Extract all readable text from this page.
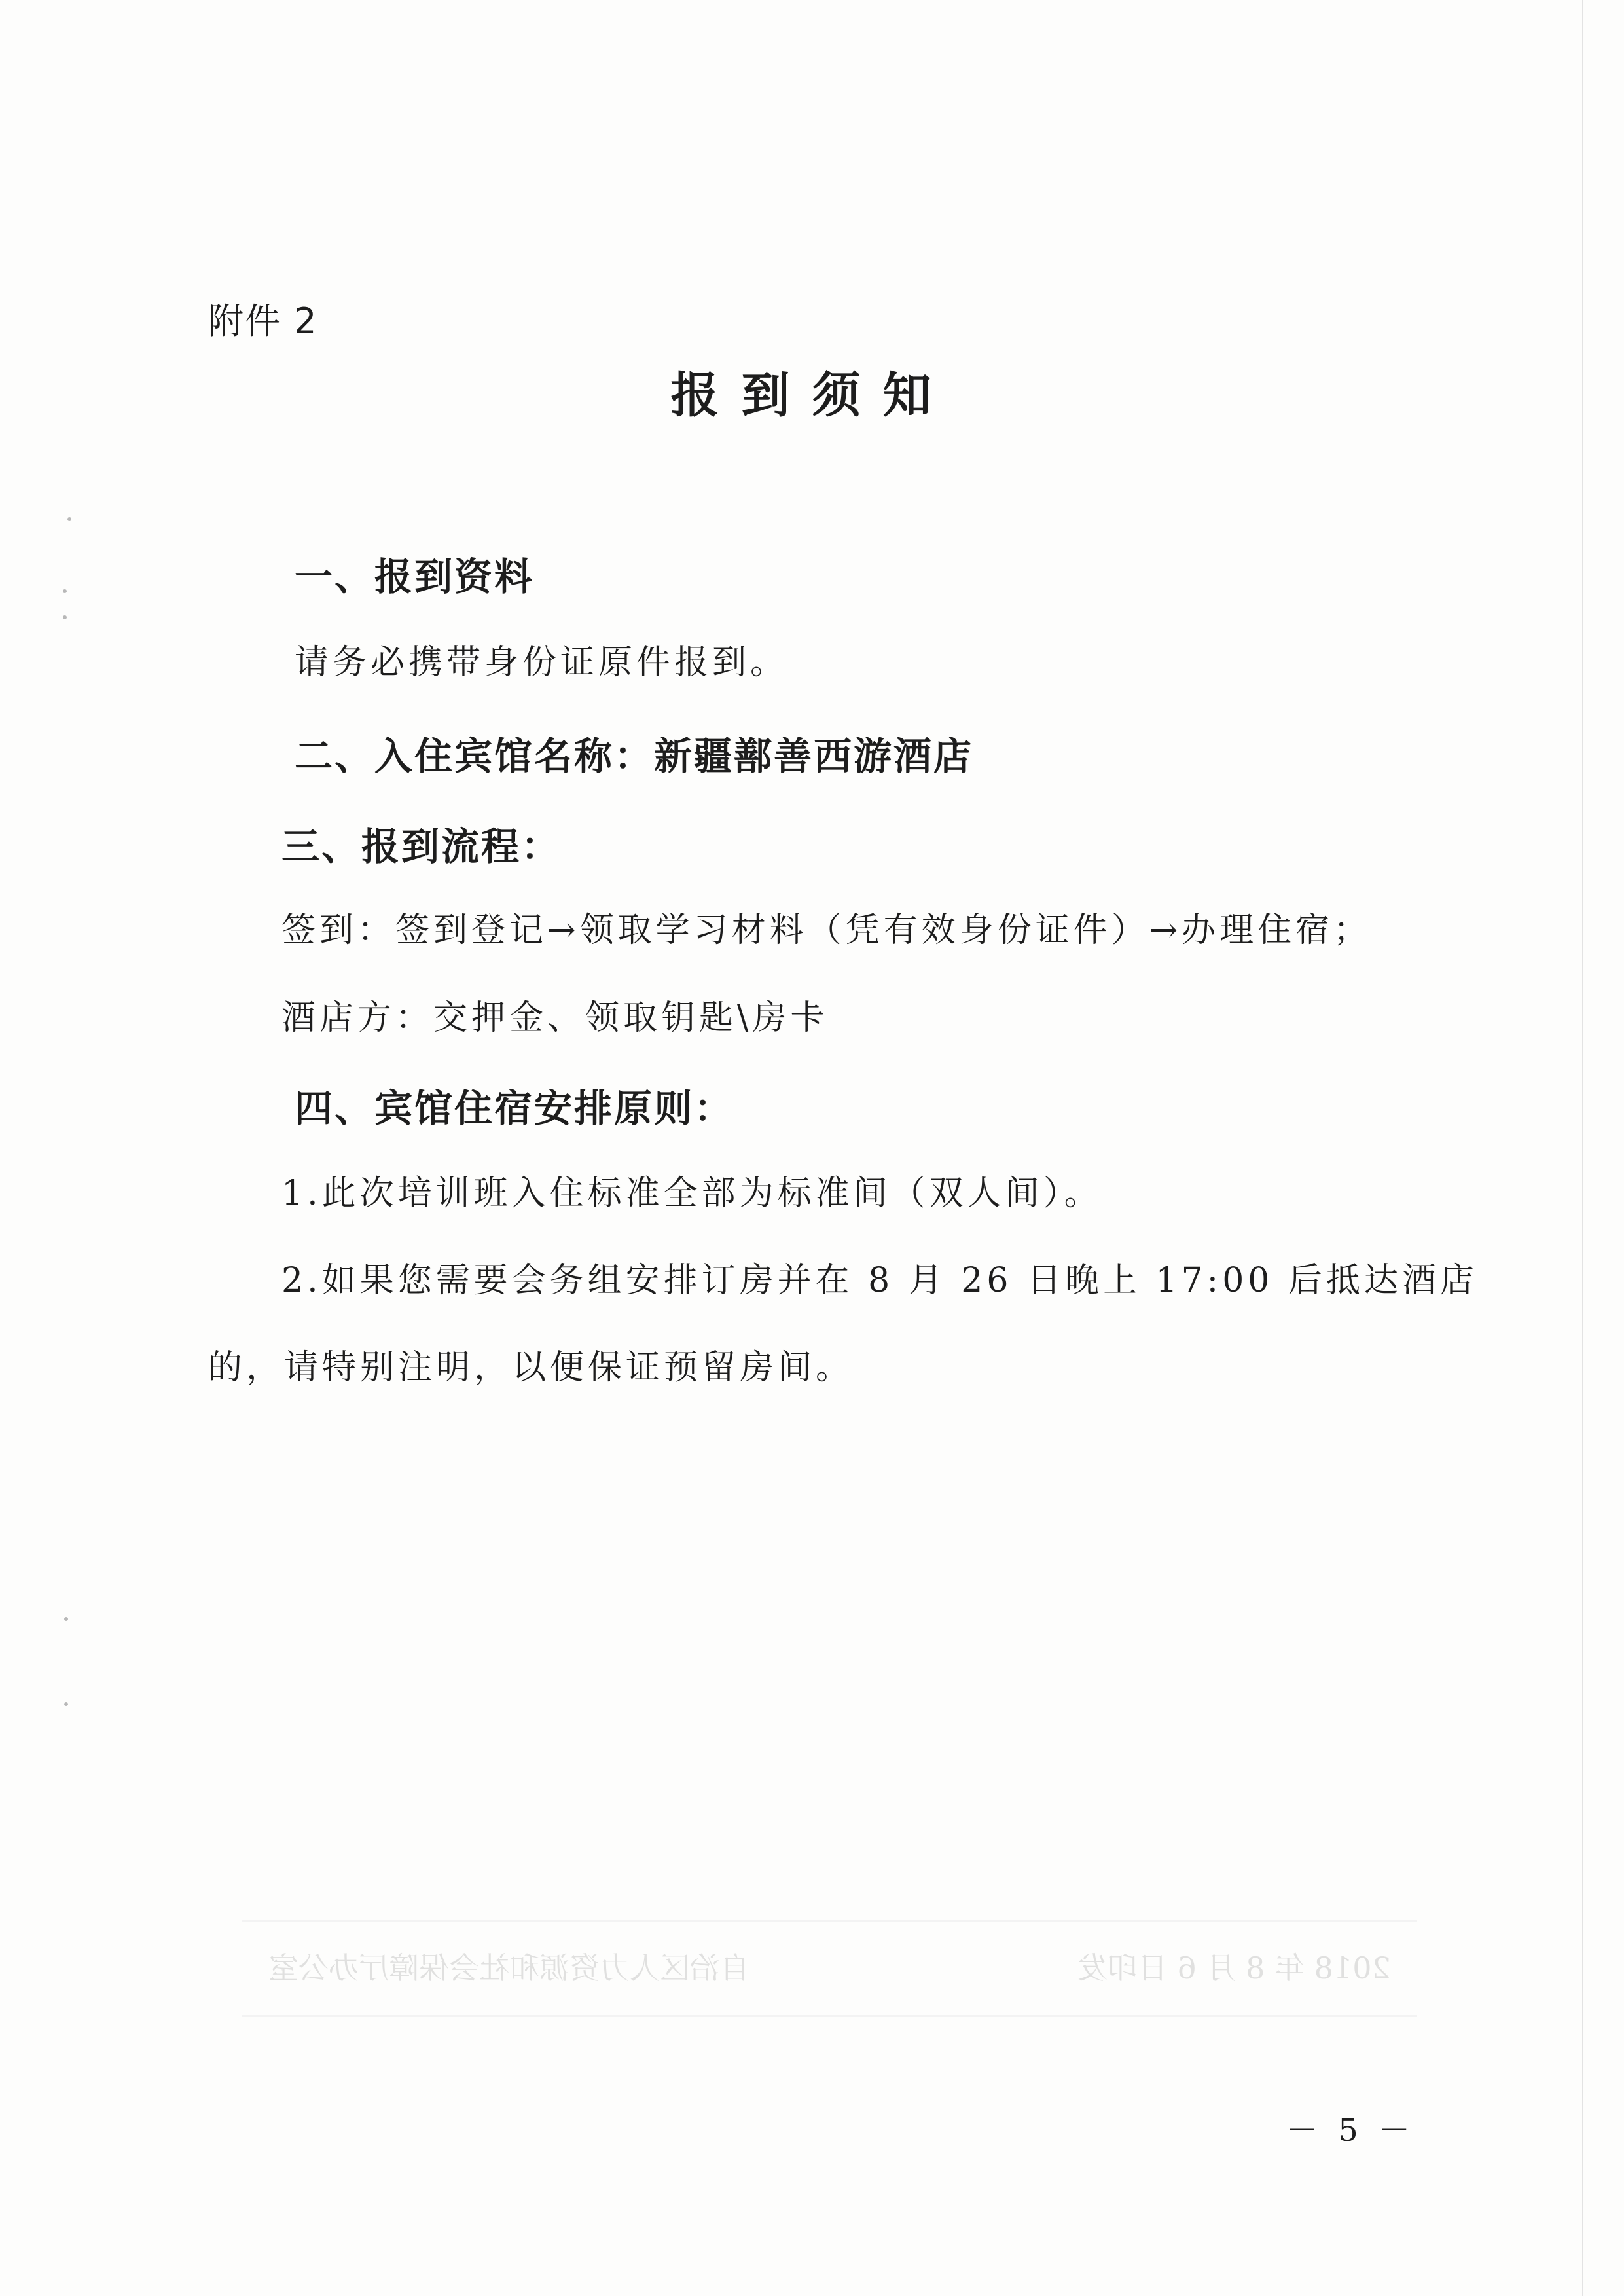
附件 2
报到须知
一、报到资料
请务必携带身份证原件报到。
二、入住宾馆名称：新疆鄯善西游酒店
三、报到流程：
签到：签到登记→领取学习材料（凭有效身份证件）→办理住宿；
酒店方：交押金、领取钥匙\房卡
四、宾馆住宿安排原则：
1.此次培训班入住标准全部为标准间（双人间）。
2.如果您需要会务组安排订房并在 8 月 26 日晚上 17:00 后抵达酒店
的，请特别注明，以便保证预留房间。
自治区人力资源和社会保障厅办公室	2018 年 8 月 6 日印发
－ 5 －
